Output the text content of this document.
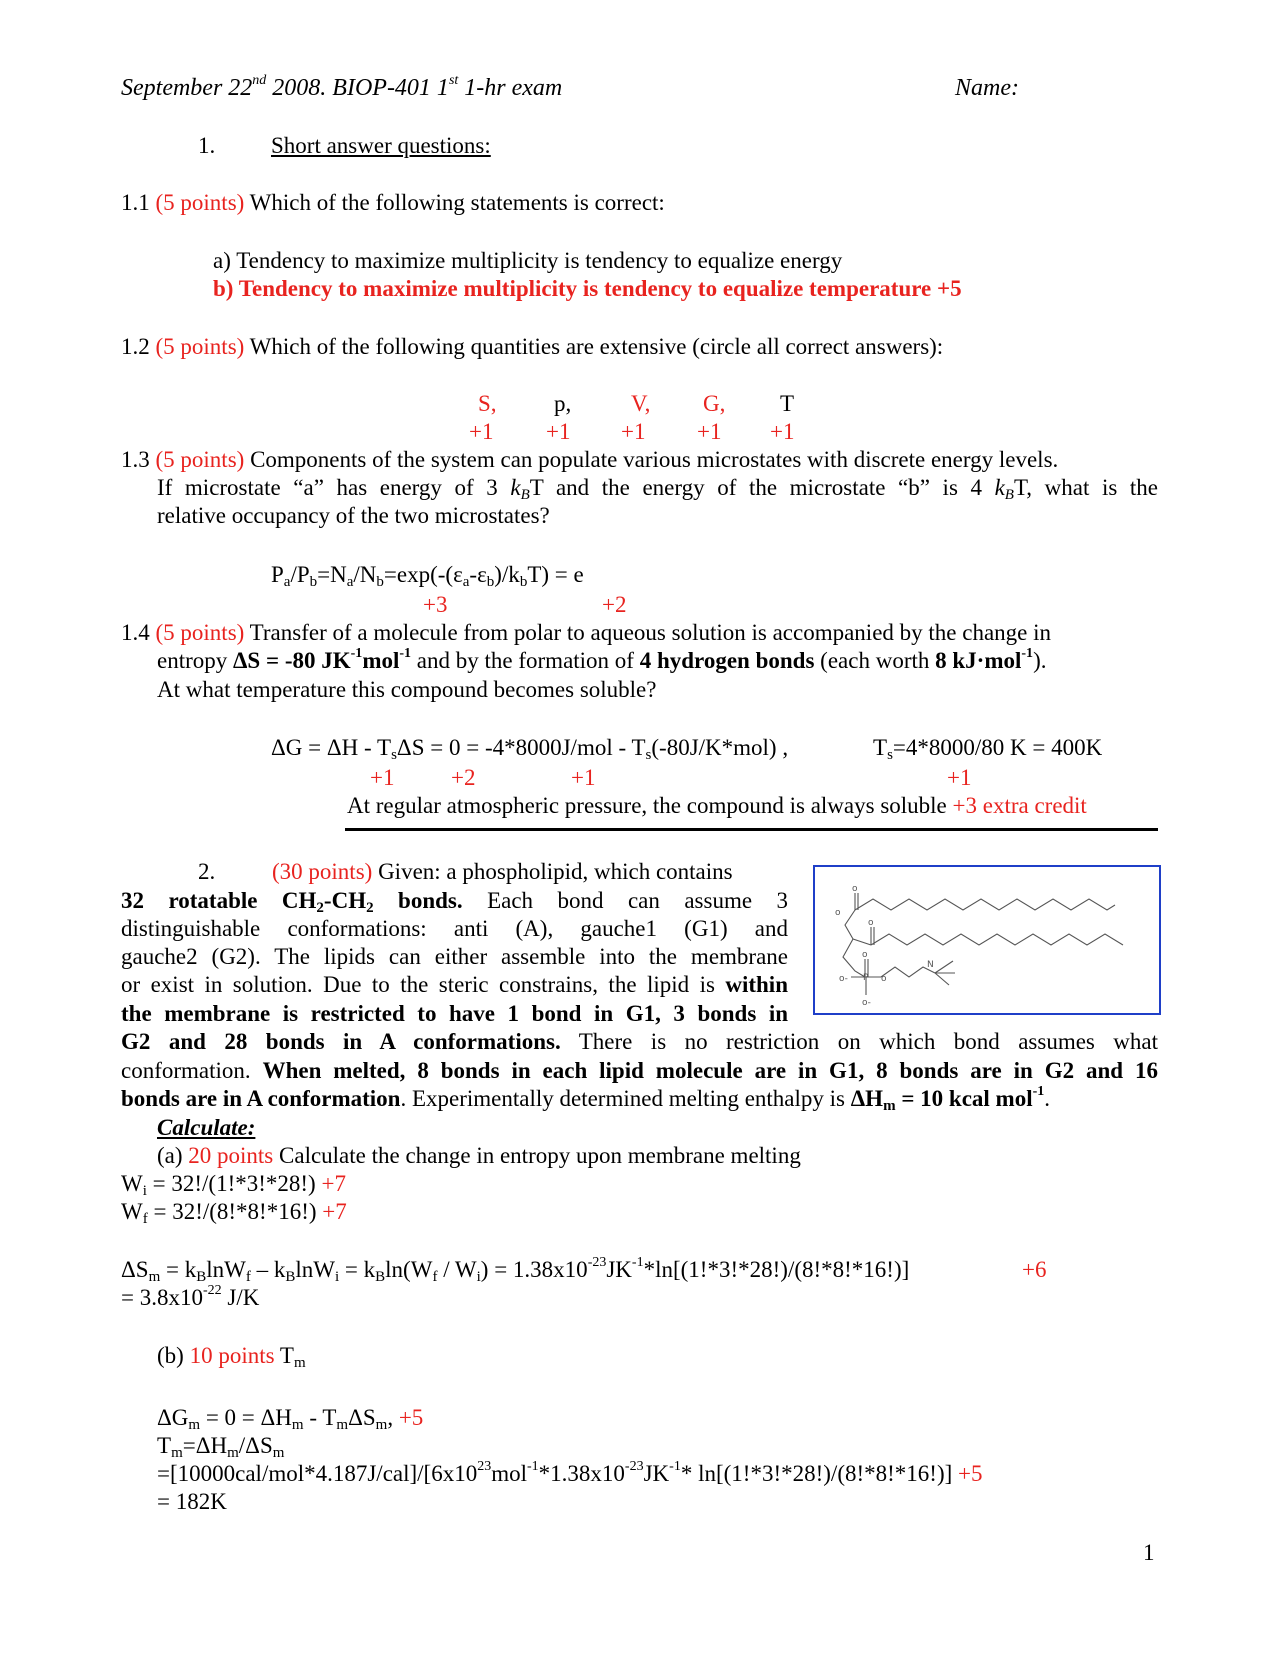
September 22nd 2008. BIOP-401 1st 1-hr exam	Name:
1. Short answer questions:
1.1 (5 points) Which of the following statements is correct:
a) Tendency to maximize multiplicity is tendency to equalize energy
b) Tendency to maximize multiplicity is tendency to equalize temperature +5
1.2 (5 points) Which of the following quantities are extensive (circle all correct answers):
S, p,	V, G, T
+1 +1 +1 +1 +1
1.3 (5 points) Components of the system can populate various microstates with discrete energy levels.
If microstate “a” has energy of 3 $k_BT$ and the energy of the microstate “b” is 4 $k_BT$, what is the
relative occupancy of the two microstates?
$P_a/P_b=N_a/N_b=\exp(-(\varepsilon_a-\varepsilon_b)/k_bT) = e$
+3	+2
1.4 (5 points) Transfer of a molecule from polar to aqueous solution is accompanied by the change in
entropy ΔS = -80 $JK^{-1}mol^{-1}$ and by the formation of 4 hydrogen bonds (each worth 8 kJ·mol$^{-1}$).
At what temperature this compound becomes soluble?
$\Delta G = \Delta H - T_s\Delta S = 0 = -4*8000J/mol - T_s(-80J/K*mol)$ ,	$T_s=4*8000/80$ K = 400K
+1 +2	+1	+1
At regular atmospheric pressure, the compound is always soluble +3 extra credit
2. (30 points) Given: a phospholipid, which contains
32 rotatable $CH_2-CH_2$ bonds. Each bond can assume 3
distinguishable conformations: anti (A), gauche1 (G1) and
gauche2 (G2). The lipids can either assemble into the membrane
or exist in solution. Due to the steric constrains, the lipid is within
the membrane is restricted to have 1 bond in G1, 3 bonds in
G2 and 28 bonds in A conformations. There is no restriction on which bond assumes what
conformation. When melted, 8 bonds in each lipid molecule are in G1, 8 bonds are in G2 and 16
bonds are in A conformation. Experimentally determined melting enthalpy is $\Delta H_m = 10$ kcal mol$^{-1}$.
o
o
o
o
o- P o
o-
N
Calculate:
(a) 20 points Calculate the change in entropy upon membrane melting
$W_i = 32!/(1!*3!*28!) +7$
$W_f = 32!/(8!*8!*16!) +7$
$\Delta S_m = k_B\ln W_f - k_B\ln W_i = k_B\ln(W_f / W_i) = 1.38x10^{-23}JK^{-1}*\ln[(1!*3!*28!)/(8!*8!*16!)]$	+6
= $3.8x10^{-22}$ J/K
(b) 10 points $T_m$
$\Delta G_m = 0 = \Delta H_m - T_m\Delta S_m$, +5
$T_m=\Delta H_m/\Delta S_m$
$=[10000cal/mol*4.187J/cal]/[6x10^{23}mol^{-1}*1.38x10^{-23}JK^{-1}*$ ln[(1!*3!*28!)/(8!*8!*16!)] +5
= 182K
1
